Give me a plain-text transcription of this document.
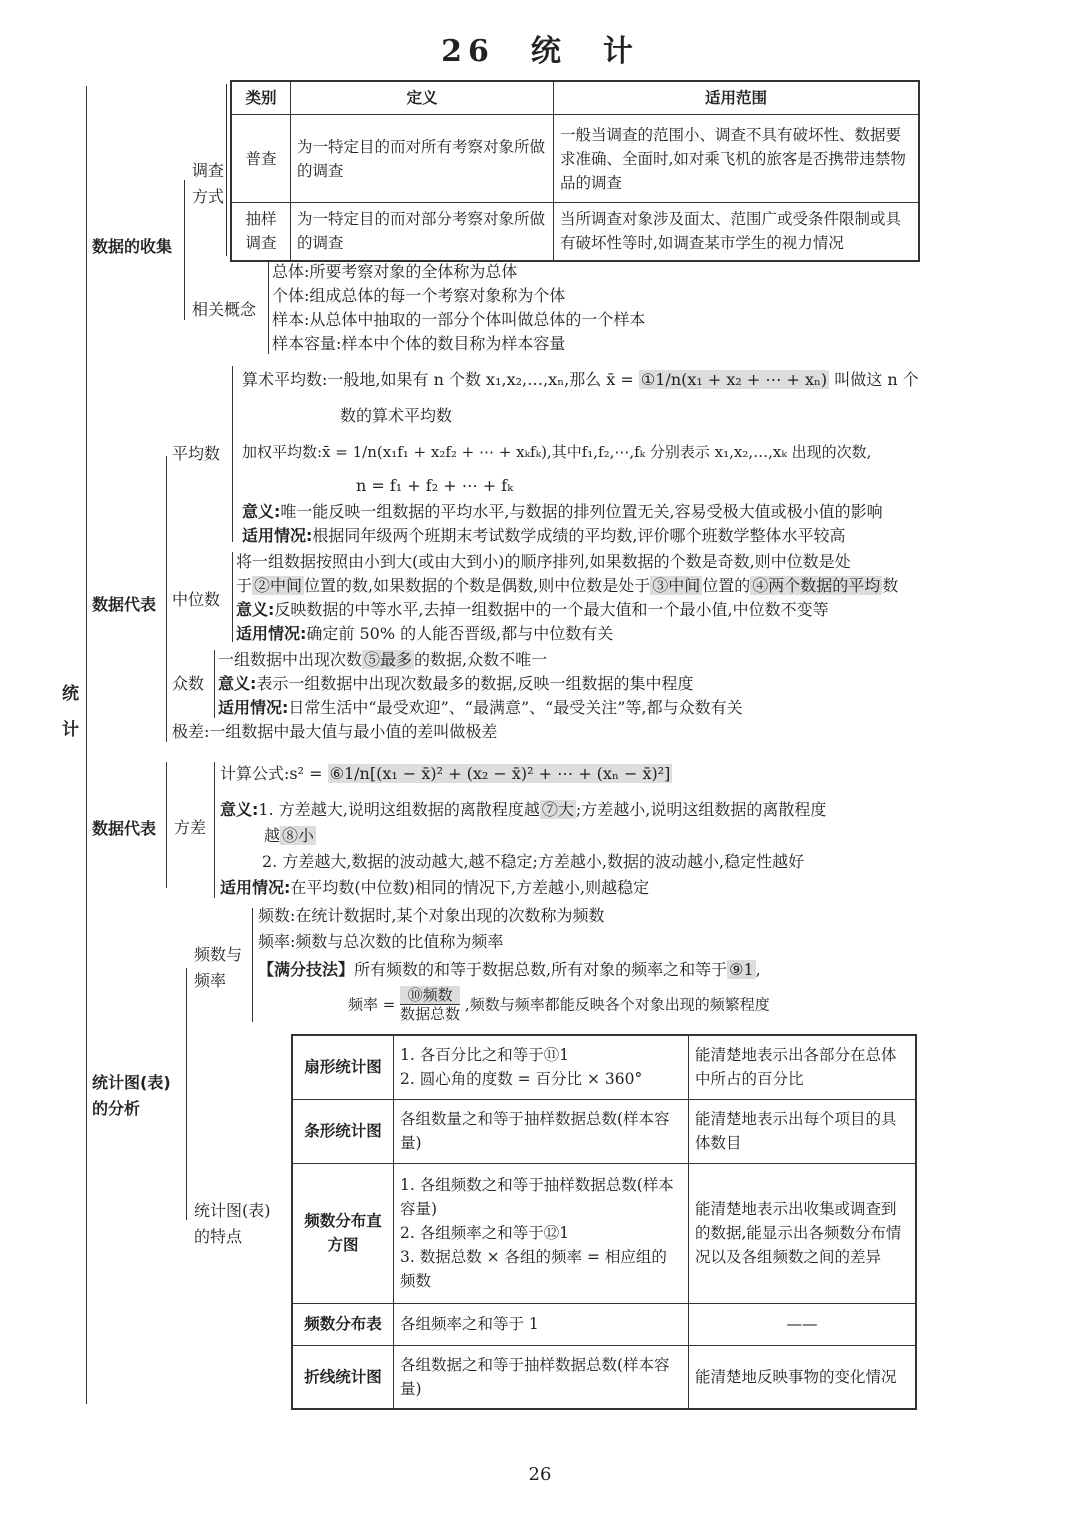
26　统　计
统计
数据的收集
调查方式
类别	定义	适用范围
普查	为一特定目的而对所有考察对象所做的调查	一般当调查的范围小、调查不具有破坏性、数据要求准确、全面时,如对乘飞机的旅客是否携带违禁物品的调查
抽样调查	为一特定目的而对部分考察对象所做的调查	当所调查对象涉及面太、范围广或受条件限制或具有破坏性等时,如调查某市学生的视力情况
相关概念
总体:所要考察对象的全体称为总体
个体:组成总体的每一个考察对象称为个体
样本:从总体中抽取的一部分个体叫做总体的一个样本
样本容量:样本中个体的数目称为样本容量
数据代表
平均数
算术平均数:一般地,如果有 n 个数 x₁,x₂,…,xₙ,那么 x̄ = ①1/n(x₁ + x₂ + ⋯ + xₙ) 叫做这 n 个
数的算术平均数
加权平均数:x̄ = 1/n(x₁f₁ + x₂f₂ + ⋯ + xₖfₖ),其中f₁,f₂,⋯,fₖ 分别表示 x₁,x₂,…,xₖ 出现的次数,
n = f₁ + f₂ + ⋯ + fₖ
意义:唯一能反映一组数据的平均水平,与数据的排列位置无关,容易受极大值或极小值的影响
适用情况:根据同年级两个班期末考试数学成绩的平均数,评价哪个班数学整体水平较高
中位数
将一组数据按照由小到大(或由大到小)的顺序排列,如果数据的个数是奇数,则中位数是处
于 ②中间 位置的数,如果数据的个数是偶数,则中位数是处于 ③中间 位置的 ④两个数据的平均 数
意义:反映数据的中等水平,去掉一组数据中的一个最大值和一个最小值,中位数不变等
适用情况:确定前 50% 的人能否晋级,都与中位数有关
众数
一组数据中出现次数 ⑤最多 的数据,众数不唯一
意义:表示一组数据中出现次数最多的数据,反映一组数据的集中程度
适用情况:日常生活中“最受欢迎”、“最满意”、“最受关注”等,都与众数有关
极差:一组数据中最大值与最小值的差叫做极差
数据代表 方差
计算公式:s² = ⑥1/n[(x₁ − x̄)² + (x₂ − x̄)² + ⋯ + (xₙ − x̄)²]
意义:1. 方差越大,说明这组数据的离散程度越 ⑦大 ;方差越小,说明这组数据的离散程度
越 ⑧小
2. 方差越大,数据的波动越大,越不稳定;方差越小,数据的波动越小,稳定性越好
适用情况:在平均数(中位数)相同的情况下,方差越小,则越稳定
统计图(表)的分析
频数与频率
频数:在统计数据时,某个对象出现的次数称为频数
频率:频数与总次数的比值称为频率
【满分技法】所有频数的和等于数据总数,所有对象的频率之和等于 ⑨1 ,
频率 =
⑩频数
数据总数
,频数与频率都能反映各个对象出现的频繁程度
统计图(表)的特点
扇形统计图	1. 各百分比之和等于⑪1
2. 圆心角的度数 = 百分比 × 360°	能清楚地表示出各部分在总体中所占的百分比
条形统计图	各组数量之和等于抽样数据总数(样本容量)	能清楚地表示出每个项目的具体数目
频数分布直方图	1. 各组频数之和等于抽样数据总数(样本容量)
2. 各组频率之和等于⑫1
3. 数据总数 × 各组的频率 = 相应组的频数	能清楚地表示出收集或调查到的数据,能显示出各频数分布情况以及各组频数之间的差异
频数分布表	各组频率之和等于 1	——
折线统计图	各组数据之和等于抽样数据总数(样本容量)	能清楚地反映事物的变化情况
26
